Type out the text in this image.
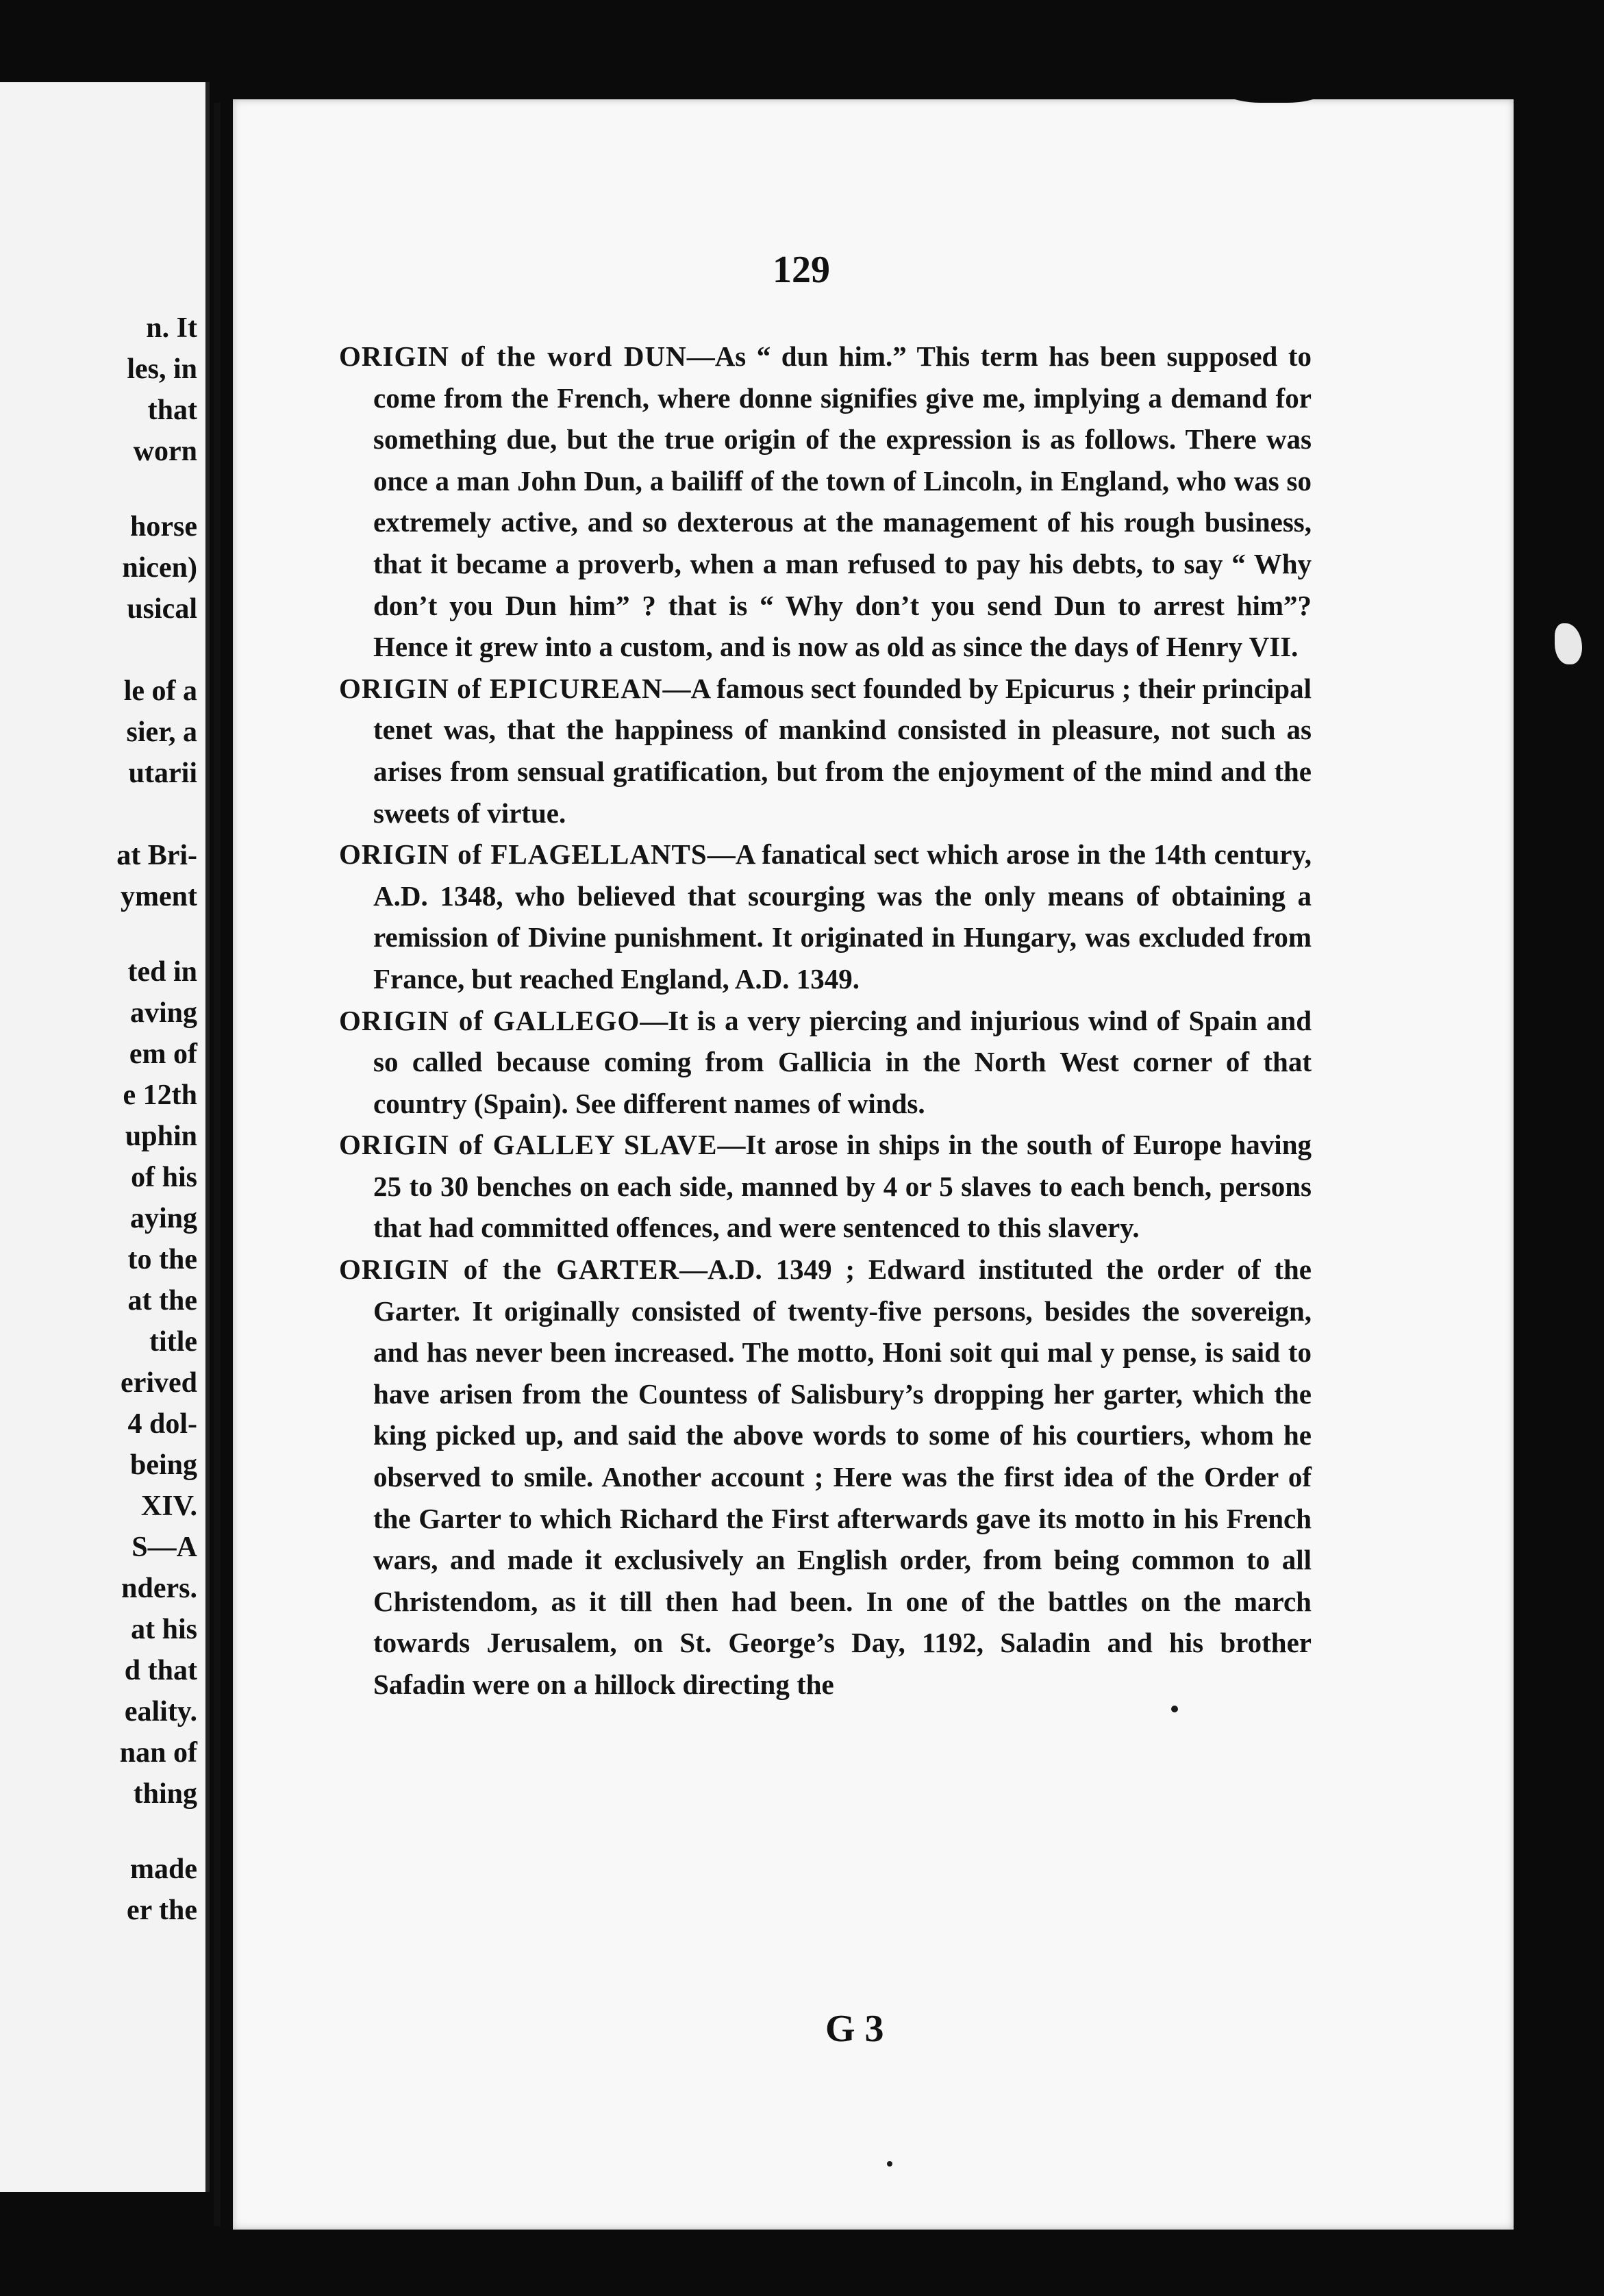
n. It
les, in
that
worn
horse
nicen)
usical
le of a
sier, a
utarii
at Bri-
yment
ted in
aving
em of
e 12th
uphin
of his
aying
to the
at the
title
erived
4 dol-
being
XIV.
S—A
nders.
at his
d that
eality.
nan of
thing
made
er the
129

ORIGIN of the word DUN—As “ dun him.” This term has been supposed to come from the French, where donne signifies give me, implying a demand for something due, but the true origin of the expression is as follows. There was once a man John Dun, a bailiff of the town of Lincoln, in England, who was so extremely active, and so dexterous at the management of his rough business, that it became a proverb, when a man refused to pay his debts, to say “ Why don’t you Dun him” ? that is “ Why don’t you send Dun to arrest him”? Hence it grew into a custom, and is now as old as since the days of Henry VII.

ORIGIN of EPICUREAN—A famous sect founded by Epicurus ; their principal tenet was, that the happiness of mankind consisted in pleasure, not such as arises from sensual gratification, but from the enjoyment of the mind and the sweets of virtue.

ORIGIN of FLAGELLANTS—A fanatical sect which arose in the 14th century, A.D. 1348, who believed that scourging was the only means of obtaining a remission of Divine punishment. It originated in Hungary, was excluded from France, but reached England, A.D. 1349.

ORIGIN of GALLEGO—It is a very piercing and injurious wind of Spain and so called because coming from Gallicia in the North West corner of that country (Spain). See different names of winds.

ORIGIN of GALLEY SLAVE—It arose in ships in the south of Europe having 25 to 30 benches on each side, manned by 4 or 5 slaves to each bench, persons that had committed offences, and were sentenced to this slavery.

ORIGIN of the GARTER—A.D. 1349 ; Edward instituted the order of the Garter. It originally consisted of twenty-five persons, besides the sovereign, and has never been increased. The motto, Honi soit qui mal y pense, is said to have arisen from the Countess of Salisbury’s dropping her garter, which the king picked up, and said the above words to some of his courtiers, whom he observed to smile. Another account ; Here was the first idea of the Order of the Garter to which Richard the First afterwards gave its motto in his French wars, and made it exclusively an English order, from being common to all Christendom, as it till then had been. In one of the battles on the march towards Jerusalem, on St. George’s Day, 1192, Saladin and his brother Safadin were on a hillock directing the

G 3
